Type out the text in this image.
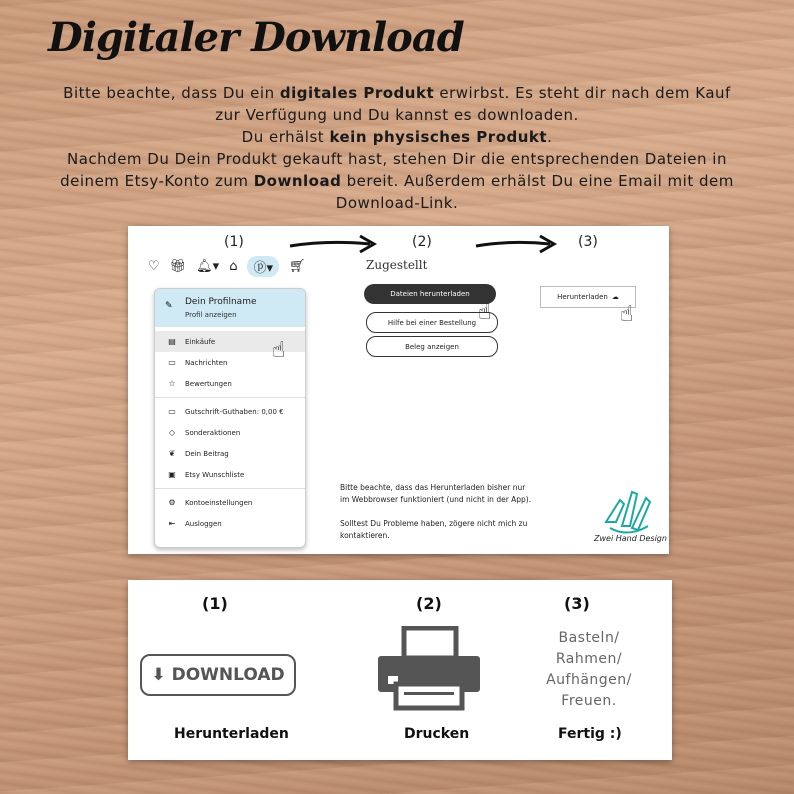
Digitaler Download
Bitte beachte, dass Du ein digitales Produkt erwirbst. Es steht dir nach dem Kauf
zur Verfügung und Du kannst es downloaden.
Du erhälst kein physisches Produkt.
Nachdem Du Dein Produkt gekauft hast, stehen Dir die entsprechenden Dateien in
deinem Etsy-Konto zum Download bereit. Außerdem erhälst Du eine Email mit dem
Download-Link.
(1)	(2)	(3)
♡ 🎁︎ 🔔︎▾ ⌂	ⓟ▾	🛒︎
✎ Dein Profilname
Profil anzeigen
▤ Einkäufe
▭ Nachrichten
☆ Bewertungen
▭ Gutschrift-Guthaben: 0,00 €
◇ Sonderaktionen
❦ Dein Beitrag
▣ Etsy Wunschliste
⚙ Kontoeinstellungen
⇤ Ausloggen
☝
Zugestellt
Dateien herunterladen
Hilfe bei einer Bestellung
Beleg anzeigen
☝
Herunterladen ☁
☝
Bitte beachte, dass das Herunterladen bisher nur
im Webbrowser funktioniert (und nicht in der App).
Solltest Du Probleme haben, zögere nicht mich zu
kontaktieren.	Zwei Hand Design
(1)	(2)	(3)
⬇ DOWNLOAD
Basteln/
Rahmen/
Aufhängen/
Freuen.
Herunterladen	Drucken	Fertig :)
